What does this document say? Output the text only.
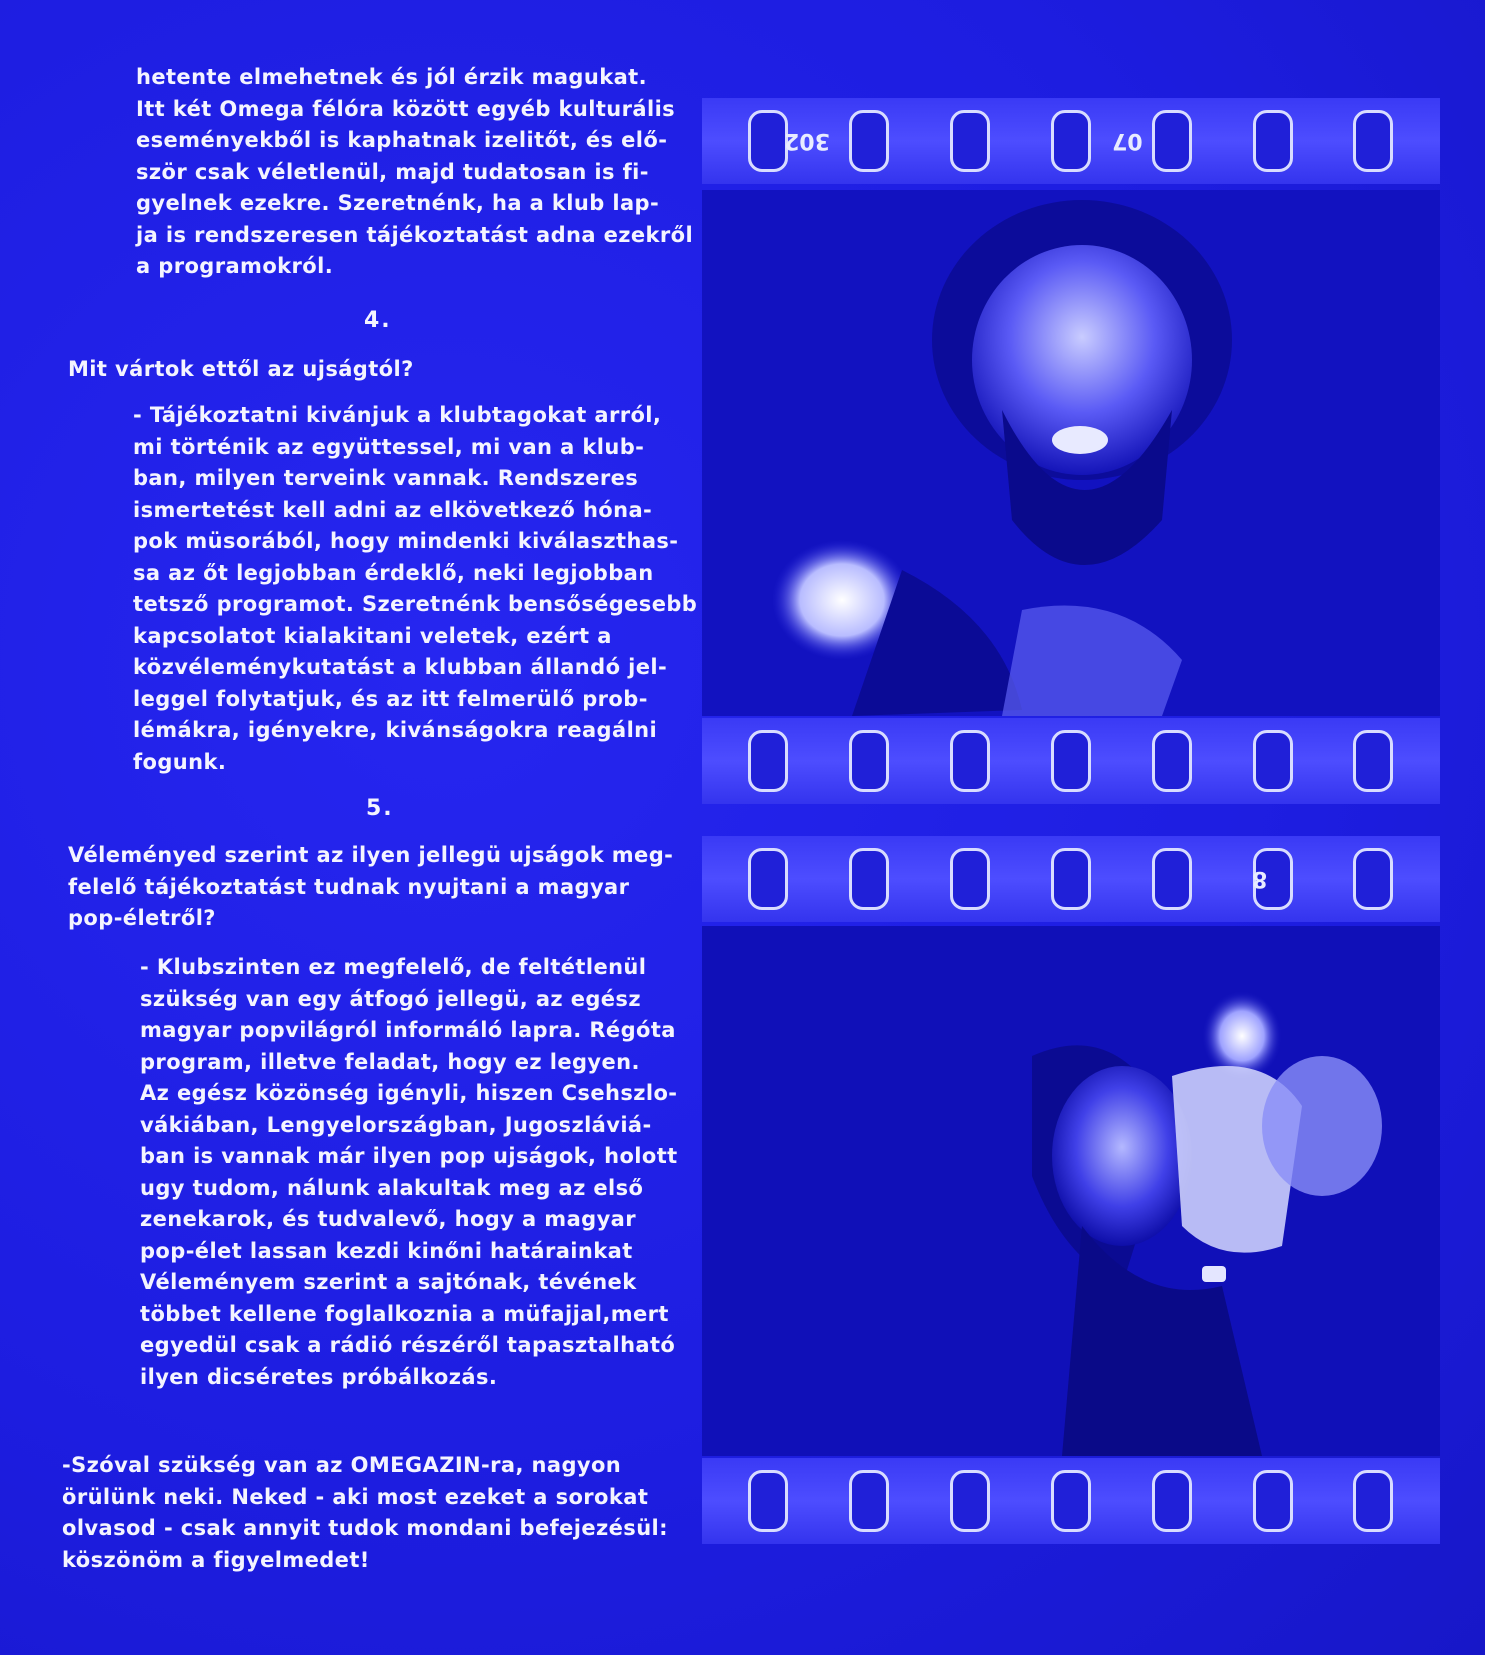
hetente elmehetnek és jól érzik magukat.
Itt két Omega félóra között egyéb kulturális
eseményekből is kaphatnak izelitőt, és elő-
ször csak véletlenül, majd tudatosan is fi-
gyelnek ezekre. Szeretnénk, ha a klub lap-
ja is rendszeresen tájékoztatást adna ezekről
a programokról.

4.

Mit vártok ettől az ujságtól?

- Tájékoztatni kivánjuk a klubtagokat arról,
mi történik az együttessel, mi van a klub-
ban, milyen terveink vannak. Rendszeres
ismertetést kell adni az elkövetkező hóna-
pok müsorából, hogy mindenki kiválaszthas-
sa az őt legjobban érdeklő, neki legjobban
tetsző programot. Szeretnénk bensőségesebb
kapcsolatot kialakitani veletek, ezért a
közvéleménykutatást a klubban állandó jel-
leggel folytatjuk, és az itt felmerülő prob-
lémákra, igényekre, kivánságokra reagálni
fogunk.

5.

Véleményed szerint az ilyen jellegü ujságok meg-
felelő tájékoztatást tudnak nyujtani a magyar
pop-életről?

- Klubszinten ez megfelelő, de feltétlenül
szükség van egy átfogó jellegü, az egész
magyar popvilágról informáló lapra. Régóta
program, illetve feladat, hogy ez legyen.
Az egész közönség igényli, hiszen Csehszlo-
vákiában, Lengyelországban, Jugoszláviá-
ban is vannak már ilyen pop ujságok, holott
ugy tudom, nálunk alakultak meg az első
zenekarok, és tudvalevő, hogy a magyar
pop-élet lassan kezdi kinőni határainkat
Véleményem szerint a sajtónak, tévének
többet kellene foglalkoznia a müfajjal,mert
egyedül csak a rádió részéről tapasztalható
ilyen dicséretes próbálkozás.

-Szóval szükség van az OMEGAZIN-ra, nagyon
örülünk neki. Neked - aki most ezeket a sorokat
olvasod - csak annyit tudok mondani befejezésül:
köszönöm a figyelmedet!

302	07
8
